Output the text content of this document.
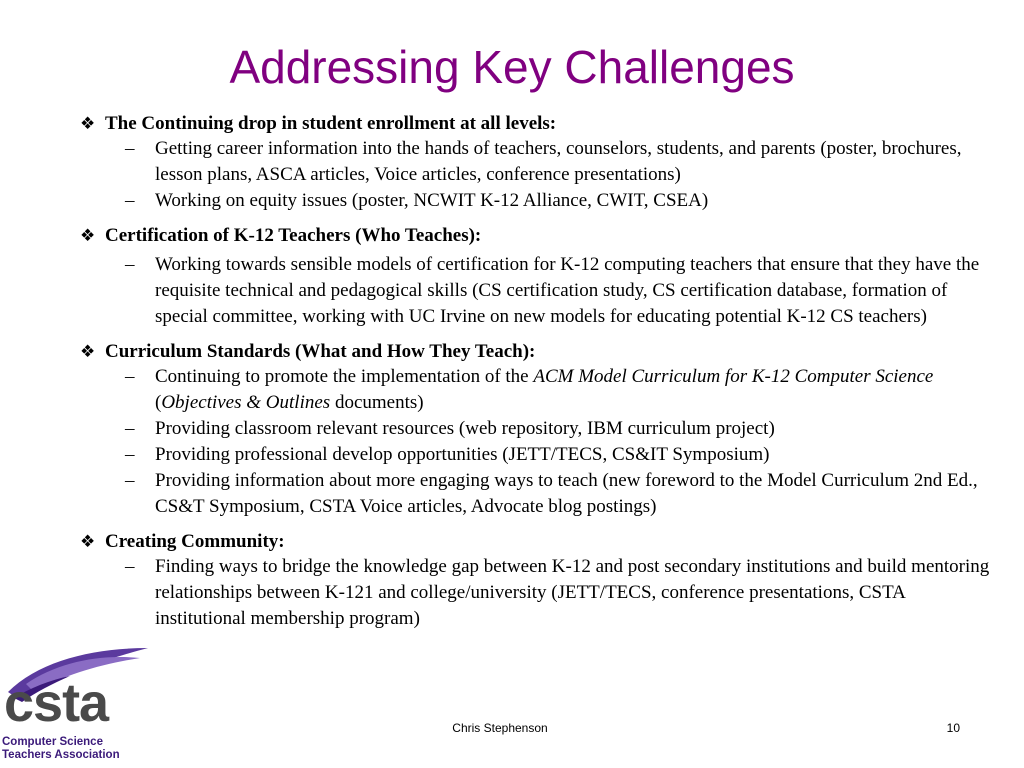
Addressing Key Challenges
❖ The Continuing drop in student enrollment at all levels:
– Getting career information into the hands of teachers, counselors, students, and parents (poster, brochures, lesson plans, ASCA articles, Voice articles, conference presentations)
– Working on equity issues (poster, NCWIT K-12 Alliance, CWIT, CSEA)
❖ Certification of K-12 Teachers (Who Teaches):
– Working towards sensible models of certification for K-12 computing teachers that ensure that they have the requisite technical and pedagogical skills (CS certification study, CS certification database, formation of special committee, working with UC Irvine on new models for educating potential K-12 CS teachers)
❖ Curriculum Standards (What and How They Teach):
– Continuing to promote the implementation of the ACM Model Curriculum for K-12 Computer Science (Objectives & Outlines documents)
– Providing classroom relevant resources (web repository, IBM curriculum project)
– Providing professional develop opportunities (JETT/TECS, CS&IT Symposium)
– Providing information about more engaging ways to teach (new foreword to the Model Curriculum 2nd Ed., CS&T Symposium, CSTA Voice articles, Advocate blog postings)
❖ Creating Community:
– Finding ways to bridge the knowledge gap between K-12 and post secondary institutions and build mentoring relationships between K-121 and college/university (JETT/TECS, conference presentations, CSTA institutional membership program)
csta
Computer Science
Teachers Association
Chris Stephenson	10
